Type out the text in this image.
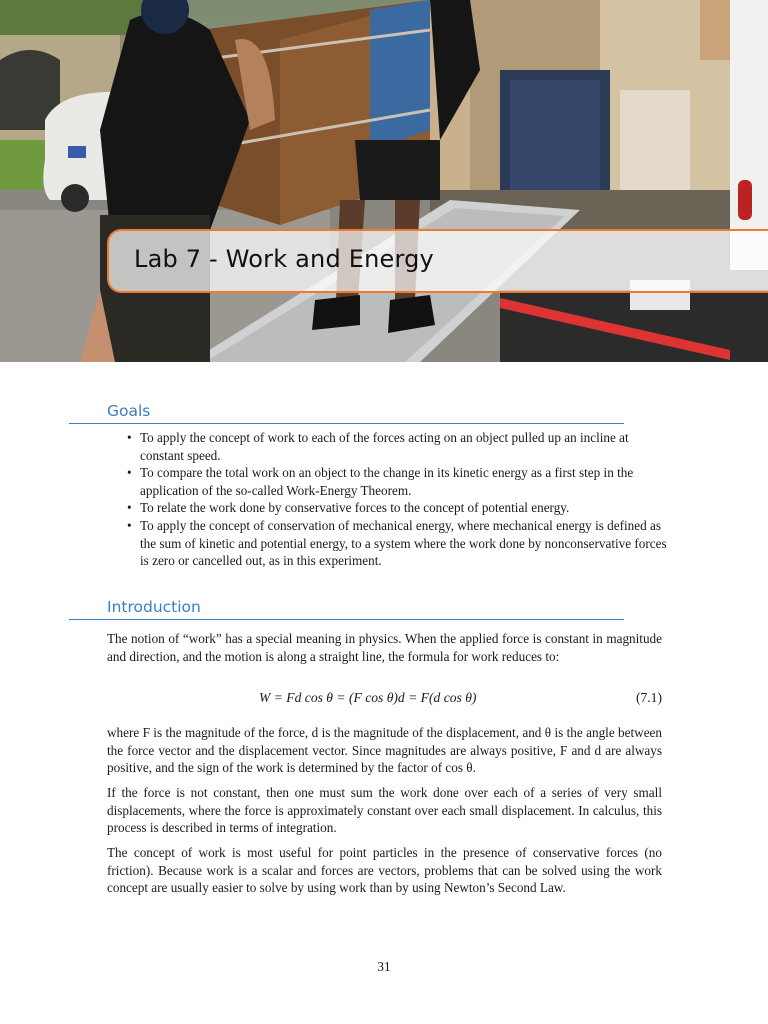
Lab 7 - Work and Energy
Goals
• To apply the concept of work to each of the forces acting on an object pulled up an incline at constant speed.
• To compare the total work on an object to the change in its kinetic energy as a first step in the application of the so-called Work-Energy Theorem.
• To relate the work done by conservative forces to the concept of potential energy.
• To apply the concept of conservation of mechanical energy, where mechanical energy is defined as the sum of kinetic and potential energy, to a system where the work done by nonconservative forces is zero or cancelled out, as in this experiment.
Introduction

The notion of “work” has a special meaning in physics. When the applied force is constant in magnitude and direction, and the motion is along a straight line, the formula for work reduces to:

W = Fd cos θ = (F cos θ)d = F(d cos θ)	(7.1)

where F is the magnitude of the force, d is the magnitude of the displacement, and θ is the angle between the force vector and the displacement vector. Since magnitudes are always positive, F and d are always positive, and the sign of the work is determined by the factor of cos θ.

If the force is not constant, then one must sum the work done over each of a series of very small displacements, where the force is approximately constant over each small displacement. In calculus, this process is described in terms of integration.

The concept of work is most useful for point particles in the presence of conservative forces (no friction). Because work is a scalar and forces are vectors, problems that can be solved using the work concept are usually easier to solve by using work than by using Newton’s Second Law.

31
